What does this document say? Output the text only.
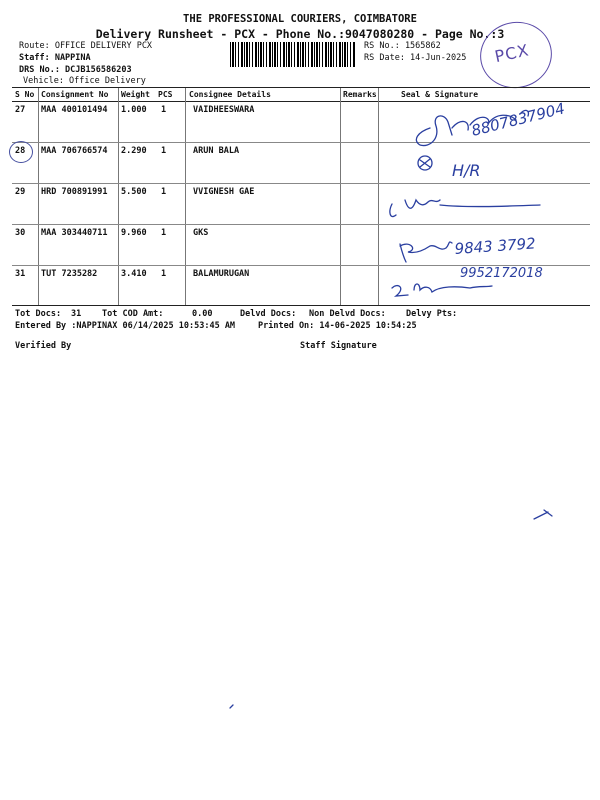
THE PROFESSIONAL COURIERS, COIMBATORE
Delivery Runsheet - PCX - Phone No.:9047080280 - Page No.:3
Route: OFFICE DELIVERY PCX
Staff: NAPPINA
DRS No.: DCJB156586203
Vehicle: Office Delivery
RS No.: 1565862
RS Date: 14-Jun-2025 PCX
S No Consignment No Weight PCS Consignee Details	Remarks	Seal & Signature
27 MAA 400101494 1.000 1	VAIDHEESWARA
28 MAA 706766574 2.290 1	ARUN BALA
29 HRD 700891991 5.500 1	VVIGNESH GAE
30 MAA 303440711 9.960 1	GKS
31 TUT 7235282	3.410 1	BALAMURUGAN
8807837904
H/R
9843 3792
9952172018
Tot Docs: 31 Tot COD Amt:	0.00	Delvd Docs: Non Delvd Docs: Delvy Pts:
Entered By :NAPPINAX 06/14/2025 10:53:45 AM	Printed On: 14-06-2025 10:54:25
Verified By	Staff Signature
